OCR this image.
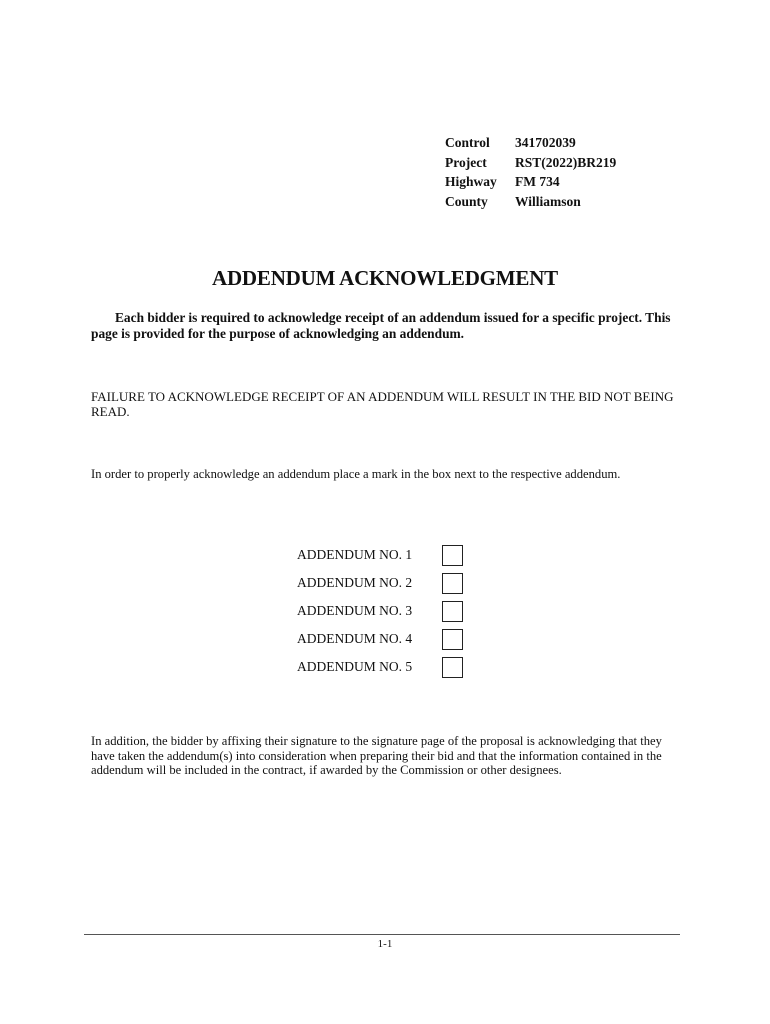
Control	341702039
Project	RST(2022)BR219
Highway	FM 734
County	Williamson
ADDENDUM ACKNOWLEDGMENT

Each bidder is required to acknowledge receipt of an addendum issued for a specific project. This page is provided for the purpose of acknowledging an addendum.

FAILURE TO ACKNOWLEDGE RECEIPT OF AN ADDENDUM WILL RESULT IN THE BID NOT BEING READ.

In order to properly acknowledge an addendum place a mark in the box next to the respective addendum.

ADDENDUM NO. 1
ADDENDUM NO. 2
ADDENDUM NO. 3
ADDENDUM NO. 4
ADDENDUM NO. 5

In addition, the bidder by affixing their signature to the signature page of the proposal is acknowledging that they have taken the addendum(s) into consideration when preparing their bid and that the information contained in the addendum will be included in the contract, if awarded by the Commission or other designees.

1-1
